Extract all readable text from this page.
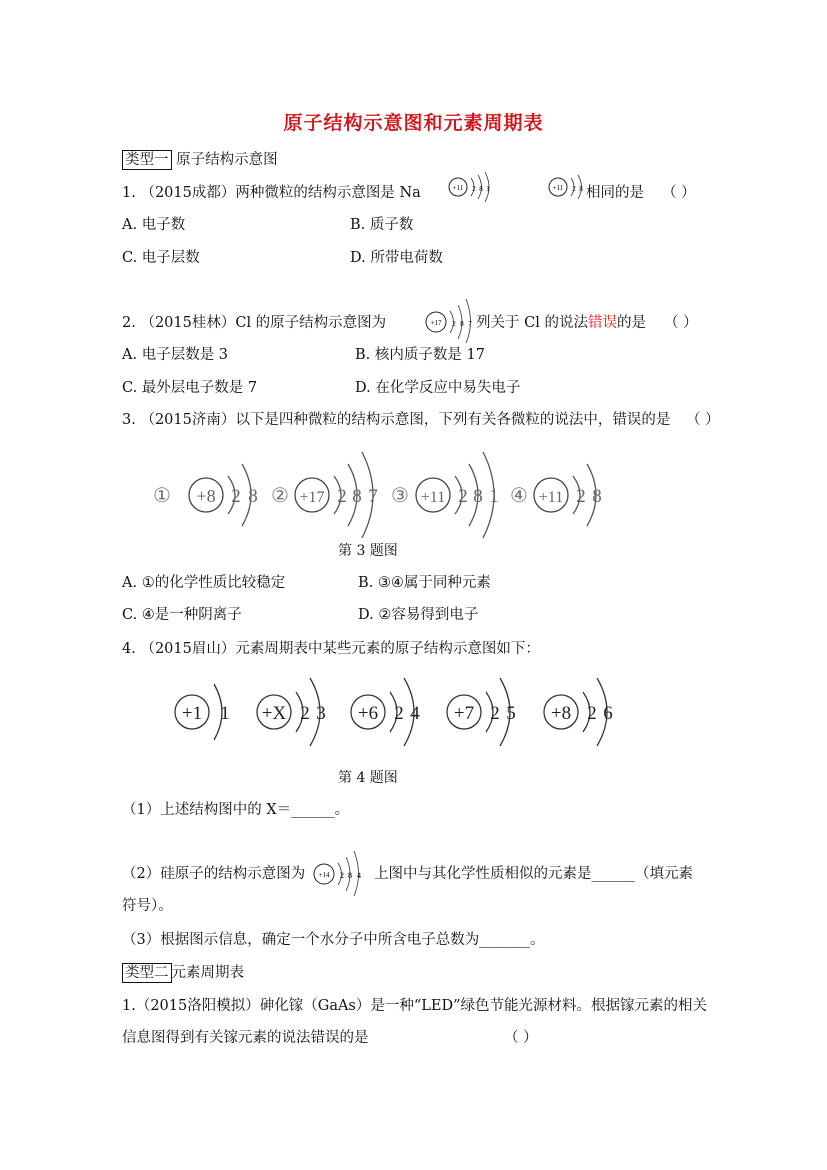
原子结构示意图和元素周期表
类型一 原子结构示意图
1. （2015成都）两种微粒的结构示意图是 Na	+11 2 8 1	+11 2 8 相同的是 （ ）
A. 电子数	B. 质子数
C. 电子层数	D. 所带电荷数
2. （2015桂林）Cl 的原子结构示意图为	+17 2 8 7 列关于 Cl 的说法错误的是 （ ）
A. 电子层数是 3	B. 核内质子数是 17
C. 最外层电子数是 7	D. 在化学反应中易失电子
3. （2015济南）以下是四种微粒的结构示意图，下列有关各微粒的说法中，错误的是 （ ）
① +8 2 8 ② +17 2 8 7 ③ +11 2 8 1 ④ +11 2 8
第 3 题图
A. ①的化学性质比较稳定	B. ③④属于同种元素
C. ④是一种阴离子	D. ②容易得到电子
4. （2015眉山）元素周期表中某些元素的原子结构示意图如下：
+1 1 +X 2 3 +6 2 4 +7 2 5 +8 2 6
第 4 题图
（1）上述结构图中的 X＝______。
（2）硅原子的结构示意图为 +14 2 8 4 上图中与其化学性质相似的元素是______（填元素
符号）。
（3）根据图示信息，确定一个水分子中所含电子总数为_______。
类型二 元素周期表
1.（2015洛阳模拟）砷化镓（GaAs）是一种“LED”绿色节能光源材料。根据镓元素的相关
信息图得到有关镓元素的说法错误的是	（ ）
